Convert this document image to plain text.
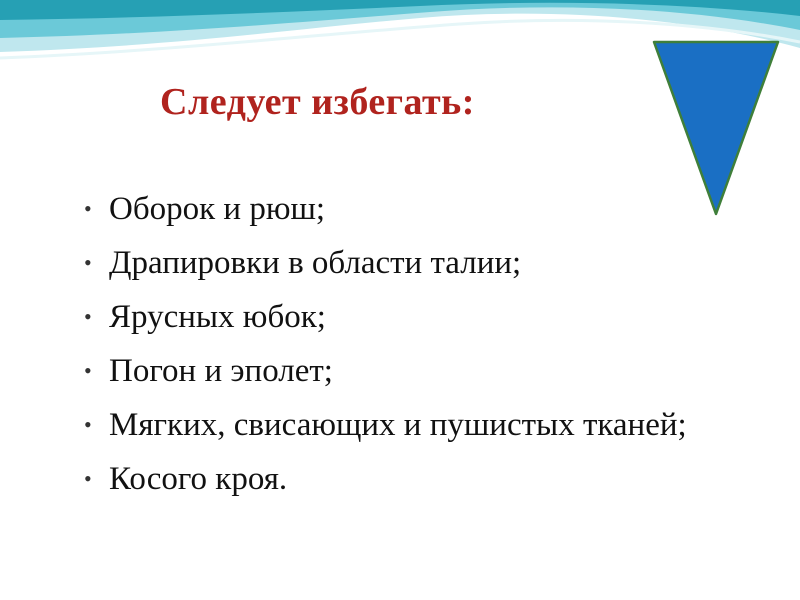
Следует избегать:
• Оборок и рюш;
• Драпировки в области талии;
• Ярусных юбок;
• Погон и эполет;
• Мягких, свисающих и пушистых тканей;
• Косого кроя.
